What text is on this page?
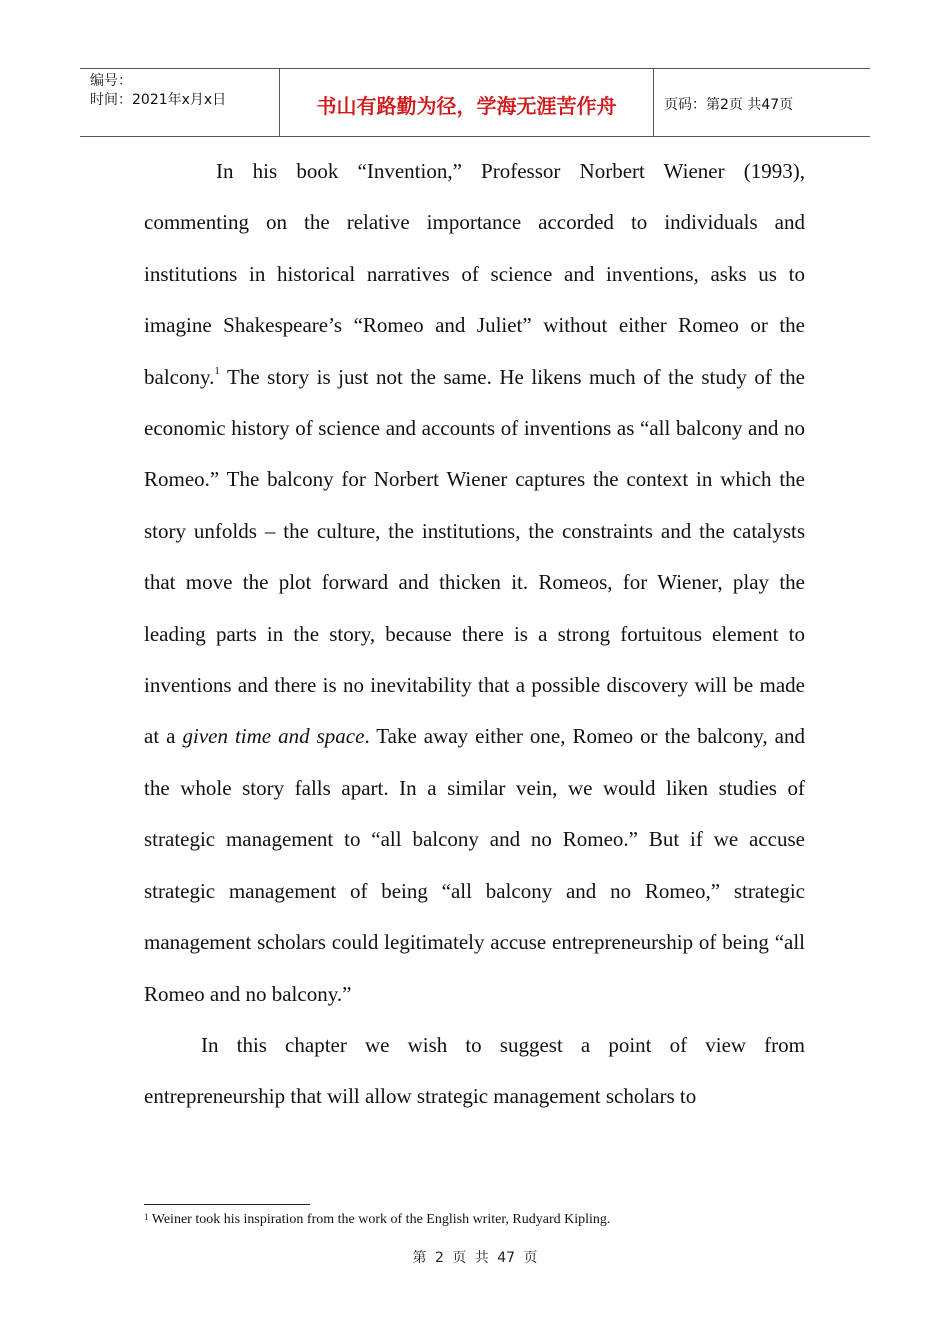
编号：
时间：2021年x月x日	书山有路勤为径，学海无涯苦作舟	页码：第2页 共47页

In his book “Invention,” Professor Norbert Wiener (1993), commenting on the relative importance accorded to individuals and institutions in historical narratives of science and inventions, asks us to imagine Shakespeare’s “Romeo and Juliet” without either Romeo or the balcony.$^1$ The story is just not the same. He likens much of the study of the economic history of science and accounts of inventions as “all balcony and no Romeo.” The balcony for Norbert Wiener captures the context in which the story unfolds – the culture, the institutions, the constraints and the catalysts that move the plot forward and thicken it. Romeos, for Wiener, play the leading parts in the story, because there is a strong fortuitous element to inventions and there is no inevitability that a possible discovery will be made at a given time and space. Take away either one, Romeo or the balcony, and the whole story falls apart. In a similar vein, we would liken studies of strategic management to “all balcony and no Romeo.” But if we accuse strategic management of being “all balcony and no Romeo,” strategic management scholars could legitimately accuse entrepreneurship of being “all Romeo and no balcony.”

In this chapter we wish to suggest a point of view from entrepreneurship that will allow strategic management scholars to

$^1$ Weiner took his inspiration from the work of the English writer, Rudyard Kipling.
第 2 页 共 47 页
